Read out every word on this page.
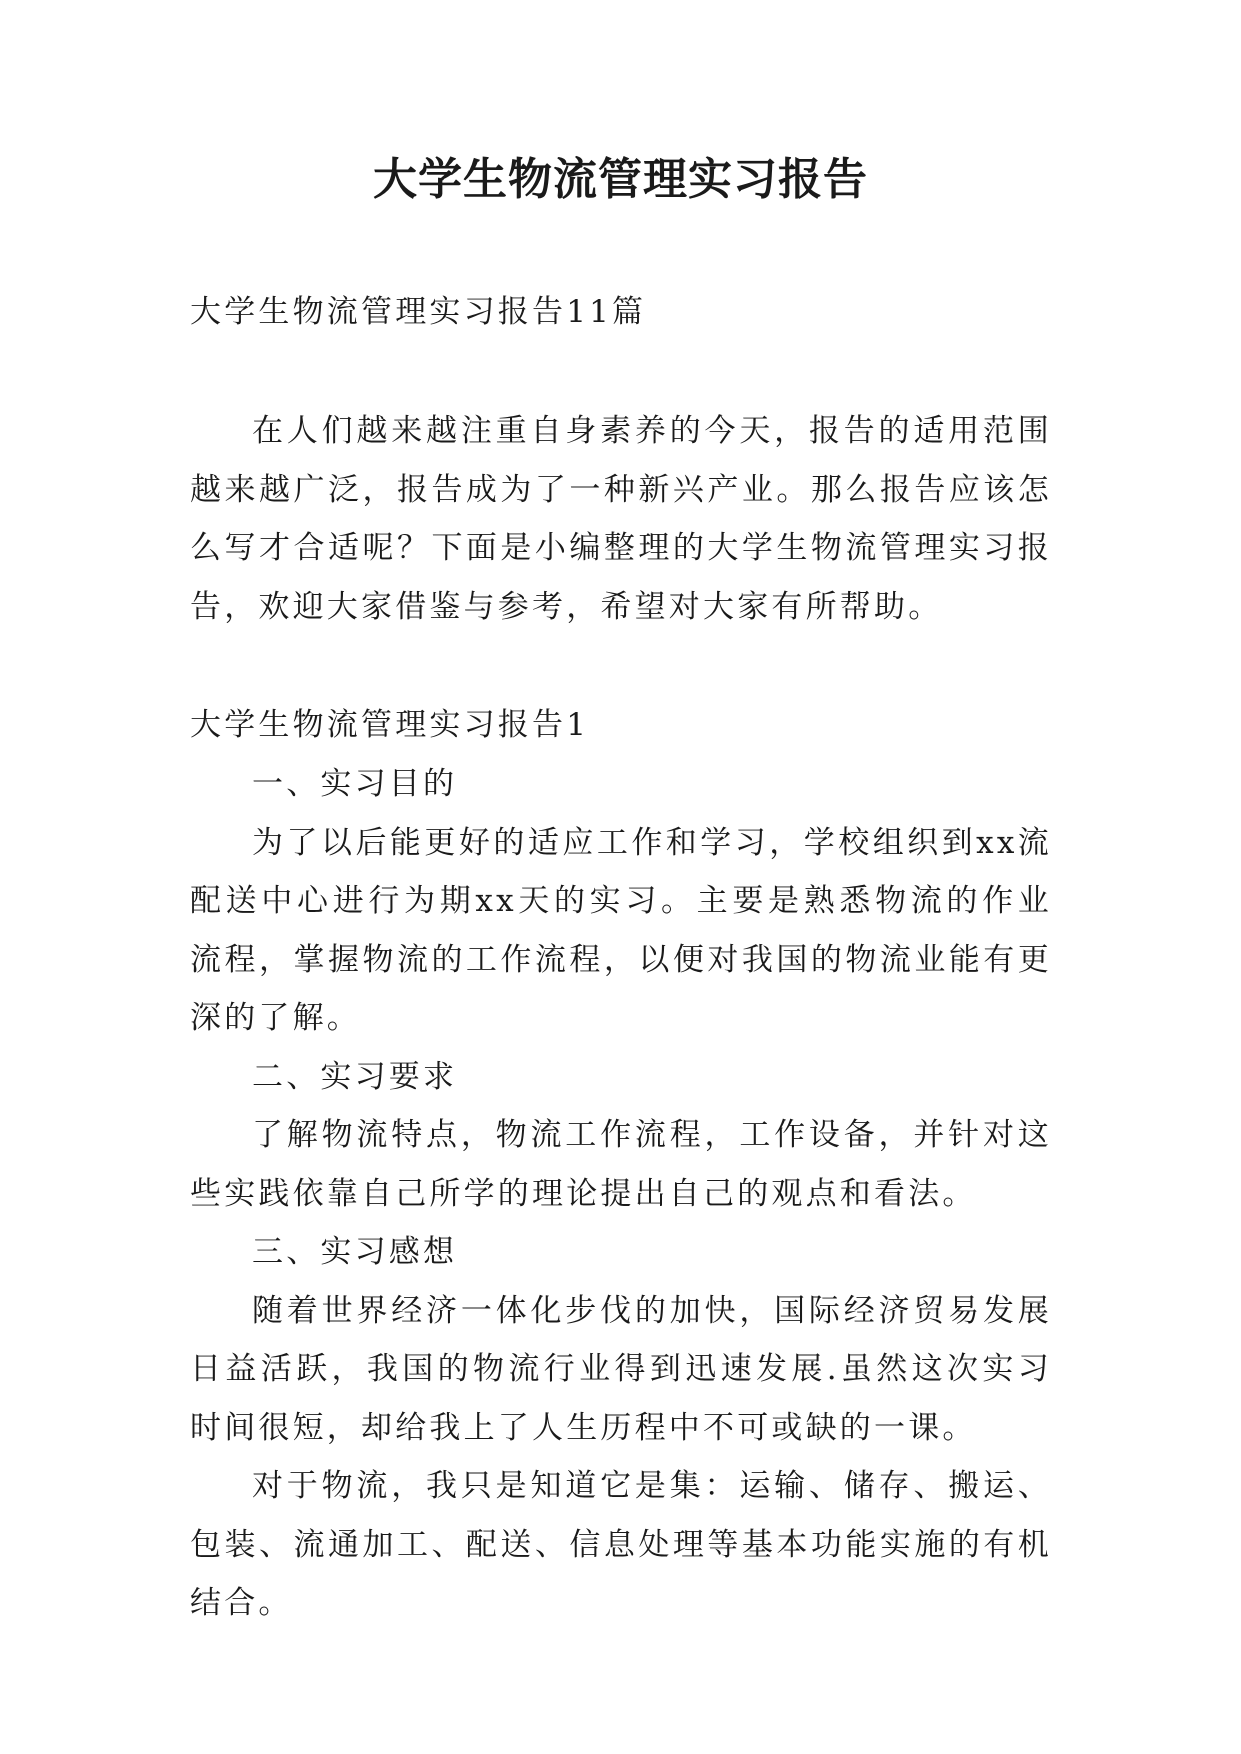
大学生物流管理实习报告
大学生物流管理实习报告11篇

在人们越来越注重自身素养的今天，报告的适用范围越来越广泛，报告成为了一种新兴产业。那么报告应该怎么写才合适呢？下面是小编整理的大学生物流管理实习报告，欢迎大家借鉴与参考，希望对大家有所帮助。

大学生物流管理实习报告1

一、实习目的

为了以后能更好的适应工作和学习，学校组织到xx流配送中心进行为期xx天的实习。主要是熟悉物流的作业流程，掌握物流的工作流程，以便对我国的物流业能有更深的了解。

二、实习要求

了解物流特点，物流工作流程，工作设备，并针对这些实践依靠自己所学的理论提出自己的观点和看法。

三、实习感想

随着世界经济一体化步伐的加快，国际经济贸易发展日益活跃，我国的物流行业得到迅速发展.虽然这次实习时间很短，却给我上了人生历程中不可或缺的一课。

对于物流，我只是知道它是集：运输、储存、搬运、包装、流通加工、配送、信息处理等基本功能实施的有机结合。
